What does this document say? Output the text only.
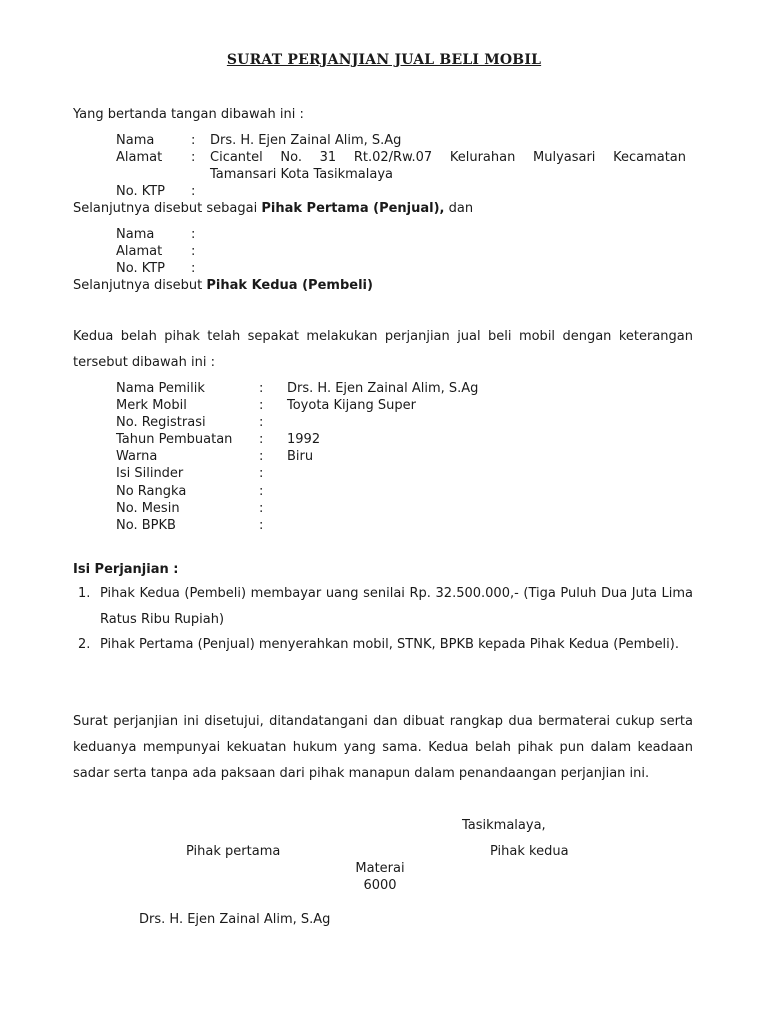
SURAT PERJANJIAN JUAL BELI MOBIL
Yang bertanda tangan dibawah ini :
Nama	: Drs. H. Ejen Zainal Alim, S.Ag
Alamat : Cicantel No. 31 Rt.02/Rw.07 Kelurahan Mulyasari Kecamatan
Tamansari Kota Tasikmalaya
No. KTP :
Selanjutnya disebut sebagai Pihak Pertama (Penjual), dan
Nama	:
Alamat :
No. KTP :
Selanjutnya disebut Pihak Kedua (Pembeli)
Kedua belah pihak telah sepakat melakukan perjanjian jual beli mobil dengan keterangan tersebut dibawah ini :
Nama Pemilik	: Drs. H. Ejen Zainal Alim, S.Ag
Merk Mobil	: Toyota Kijang Super
No. Registrasi	:
Tahun Pembuatan : 1992
Warna	: Biru
Isi Silinder	:
No Rangka	:
No. Mesin	:
No. BPKB	:
Isi Perjanjian :
1. Pihak Kedua (Pembeli) membayar uang senilai Rp. 32.500.000,- (Tiga Puluh Dua Juta Lima Ratus Ribu Rupiah)
2. Pihak Pertama (Penjual) menyerahkan mobil, STNK, BPKB kepada Pihak Kedua (Pembeli).
Surat perjanjian ini disetujui, ditandatangani dan dibuat rangkap dua bermaterai cukup serta keduanya mempunyai kekuatan hukum yang sama. Kedua belah pihak pun dalam keadaan sadar serta tanpa ada paksaan dari pihak manapun dalam penandaangan perjanjian ini.
Tasikmalaya,
Pihak pertama	Pihak kedua
Materai
6000
Drs. H. Ejen Zainal Alim, S.Ag
